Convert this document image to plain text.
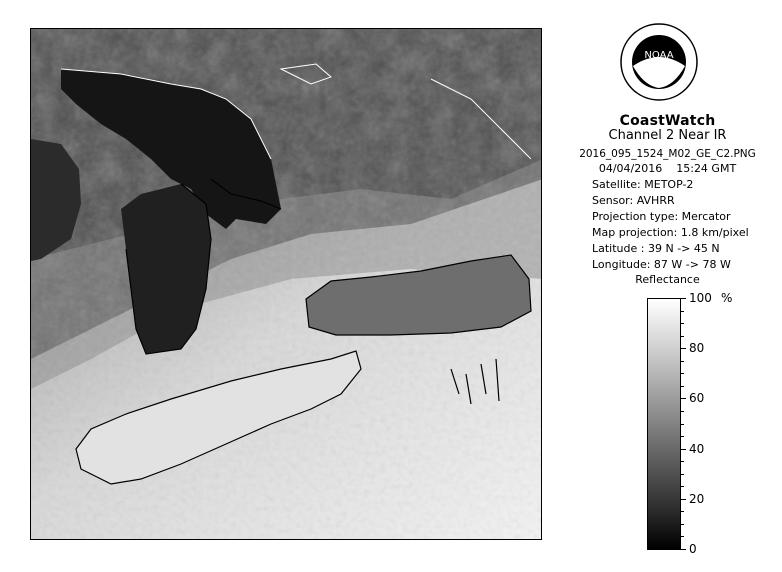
NOAA
CoastWatch
Channel 2 Near IR
2016_095_1524_M02_GE_C2.PNG
04/04/2016 15:24 GMT
Satellite: METOP-2
Sensor: AVHRR
Projection type: Mercator
Map projection: 1.8 km/pixel
Latitude : 39 N -> 45 N
Longitude: 87 W -> 78 W
Reflectance
%
100
80
60
40
20
0
